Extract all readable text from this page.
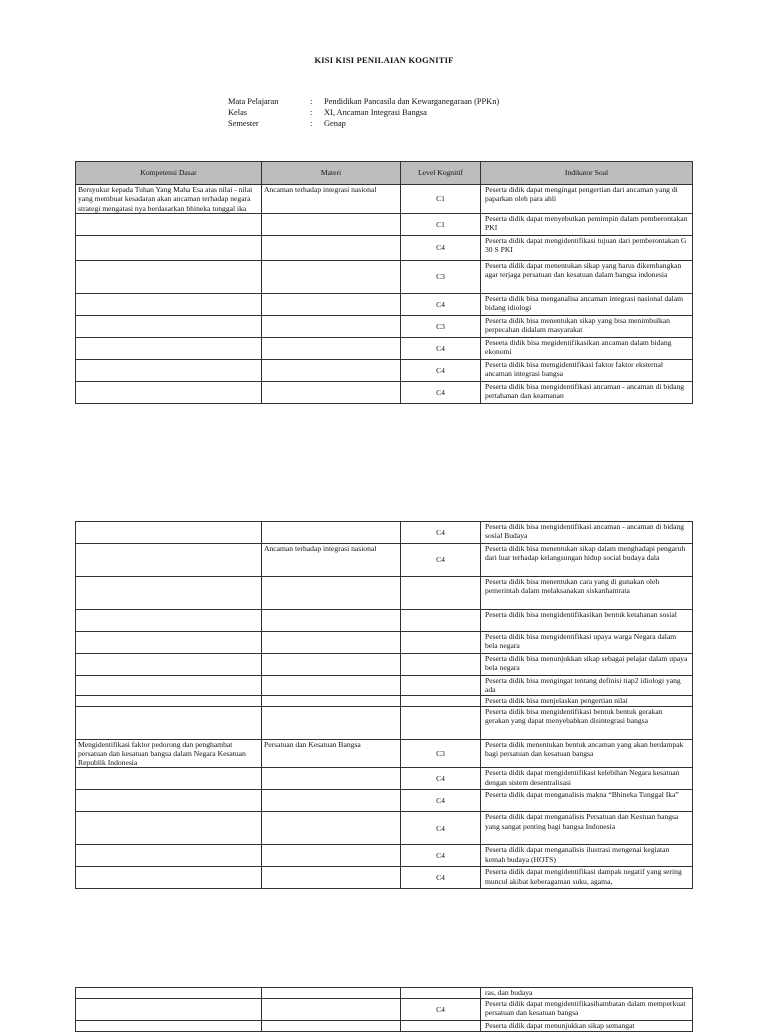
KISI KISI PENILAIAN KOGNITIF
Mata Pelajaran	:	Pendidikan Pancasila dan Kewarganegaraan (PPKn)
Kelas	:	XI, Ancaman Integrasi Bangsa
Semester	:	Genap
Kompetensi Dasar	Materi	Level Kognitif	Indikator Soal
Bersyukur kepada Tuhan Yang Maha Esa atas nilai - nilai yang membuat kesadaran akan ancaman terhadap negara strategi mengatasi nya berdasarkan bhineka tunggal ika	Ancaman terhadap integrasi nasional	C1	Peserta didik dapat mengingat pengertian dari ancaman yang di paparkan oleh para ahli

		C1	Peserta didik dapat menyebutkan pemimpin dalam pemberontakan PKI

		C4	Peserta didik dapat mengidentifikasi tujuan dari pemberontakan G 30 S PKI

		C3	Peserta didik dapat menentukan sikap yang harus dikembangkan agar terjaga persatuan dan kesatuan dalam bangsa indonesia

		C4	Peserta didik bisa menganalisa ancaman integrasi nasional dalam bidang idiologi

		C3	Peserta didik bisa menentukan sikap yang bisa menimbulkan perpecahan didalam masyarakat

		C4	Peseeta didik bisa megidentifikasikan ancaman dalam bidang ekonomi

		C4	Peserta didik bisa memgidentifikasi faktor faktor eksternal ancaman integrasi bangsa

		C4	Peserta didik bisa mengidentifikasi ancaman - ancaman di bidang pertahanan dan keamanan
		C4	Peserta didik bisa mengidentifikasi ancaman - ancaman di bidang sosial Budaya

	Ancaman terhadap integrasi nasional	C4	Peserta didik bisa menentukan sikap dalam menghadapi pengaruh dari luar terhadap kelangsungan hidup social budaya dala

			Peserta didik bisa menentukan cara yang di gunakan oleh pemerintah dalam melaksanakan siskanhamrata

			Peserta didik bisa mengidentifikasikan bentuk ketahanan sosial

			Peserta didik bisa mengidentifikasi upaya warga Negara dalam bela negara

			Peserta didik bisa menunjukkan sikap sebagai pelajar dalam upaya bela negara

			Peserta didik bisa mengingat tentang definisi tiap2 idiologi yang ada

			Peserta didik bisa menjelaskan pengertian nilai

			Peserta didik bisa mengidentifikasi bentuk bentuk gerakan gerakan yang dapat menyebabkan disintegrasi bangsa

Mengidentifikasi faktor pedorong dan penghambat persatuan dan kesatuan bangsa dalam Negara Kesatuan Republik Indonesia	Persatuan dan Kesatuan Bangsa	C3	Peserta didik menentukan bentuk ancaman yang akan berdampak bagi persatuan dan kesatuan bangsa

		C4	Peserta didik dapat mengidentifikasi kelebihan Negara kesatuan dengan sistem desentralisasi

		C4	Peserta didik dapat menganalisis makna “Bhineka Tunggal Ika”

		C4	Peserta didik dapat menganalisis Persatuan dan Kestuan bangsa yang sangat penting bagi bangsa Indonesia

		C4	Peserta didik dapat menganalisis ilustrasi mengenai kegiatan kemah budaya (HOTS)

		C4	Peserta didik dapat mengidentifikasi dampak negatif yang sering muncul akibat keberagaman suku, agama,

			ras, dan budaya

		C4	Peserta didik dapat mengidentifikasihambatan dalam memperkuat persatuan dan kesatuan bangsa

			Peserta didik dapat menunjukkan sikap semangat
